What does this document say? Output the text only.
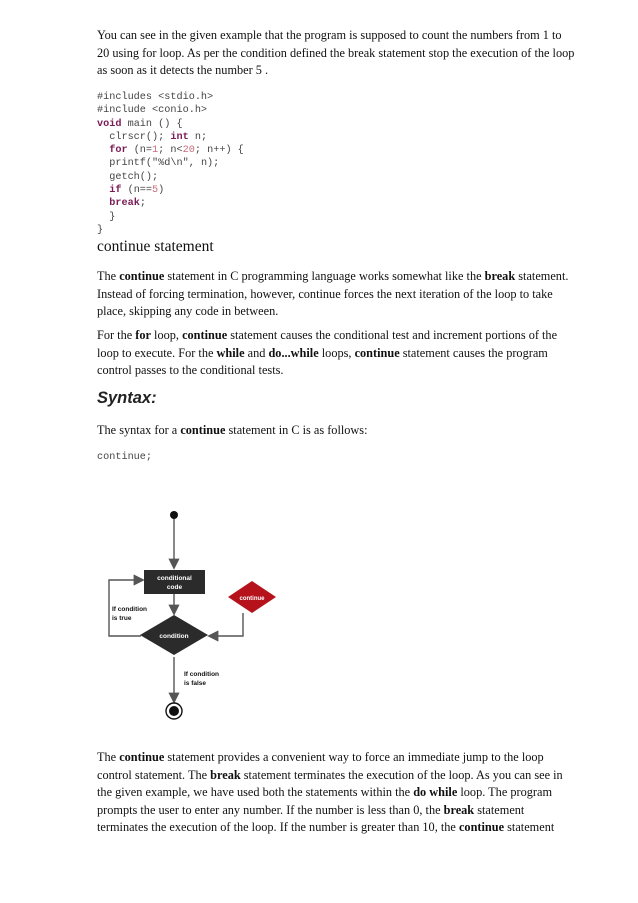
You can see in the given example that the program is supposed to count the numbers from 1 to
20 using for loop. As per the condition defined the break statement stop the execution of the loop
as soon as it detects the number 5 .

#includes <stdio.h>
#include <conio.h>
void main () {
clrscr(); int n;
for (n=1; n<20; n++) {
printf("%d\n", n);
getch();
if (n==5)
break;
}
}
continue statement

The continue statement in C programming language works somewhat like the break statement.
Instead of forcing termination, however, continue forces the next iteration of the loop to take
place, skipping any code in between.

For the for loop, continue statement causes the conditional test and increment portions of the
loop to execute. For the while and do...while loops, continue statement causes the program
control passes to the conditional tests.

Syntax:

The syntax for a continue statement in C is as follows:

continue;
conditional
code
condition
continue
If condition
is true
If condition
is false

The continue statement provides a convenient way to force an immediate jump to the loop
control statement. The break statement terminates the execution of the loop. As you can see in
the given example, we have used both the statements within the do while loop. The program
prompts the user to enter any number. If the number is less than 0, the break statement
terminates the execution of the loop. If the number is greater than 10, the continue statement
